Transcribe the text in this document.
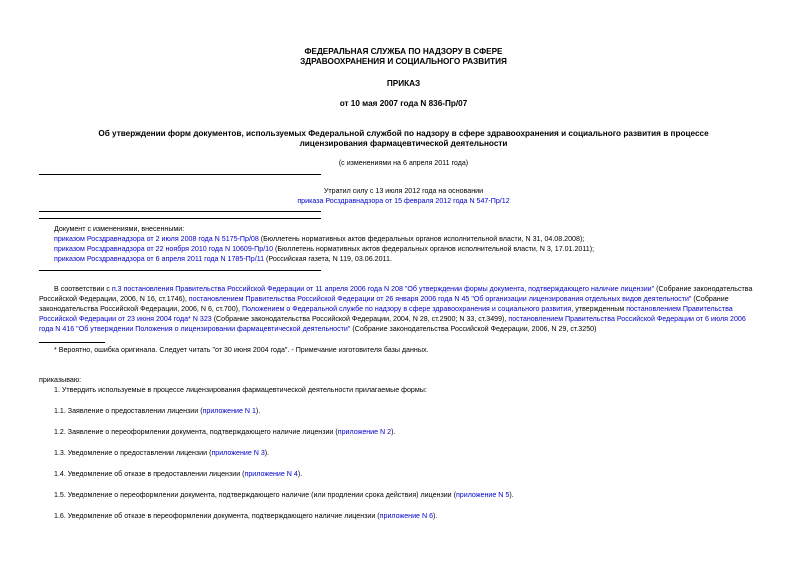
ФЕДЕРАЛЬНАЯ СЛУЖБА ПО НАДЗОРУ В СФЕРЕ
ЗДРАВООХРАНЕНИЯ И СОЦИАЛЬНОГО РАЗВИТИЯ
ПРИКАЗ
от 10 мая 2007 года N 836-Пр/07
Об утверждении форм документов, используемых Федеральной службой по надзору в сфере здравоохранения и социального развития в процессе
лицензирования фармацевтической деятельности
(с изменениями на 6 апреля 2011 года)
Утратил силу с 13 июля 2012 года на основании
приказа Росздравнадзора от 15 февраля 2012 года N 547-Пр/12
Документ с изменениями, внесенными:
приказом Росздравнадзора от 2 июля 2008 года N 5175-Пр/08 (Бюллетень нормативных актов федеральных органов исполнительной власти, N 31, 04.08.2008);
приказом Росздравнадзора от 22 ноября 2010 года N 10609-Пр/10 (Бюллетень нормативных актов федеральных органов исполнительной власти, N 3, 17.01.2011);
приказом Росздравнадзора от 6 апреля 2011 года N 1785-Пр/11 (Российская газета, N 119, 03.06.2011.
В соответствии с п.3 постановления Правительства Российской Федерации от 11 апреля 2006 года N 208 "Об утверждении формы документа, подтверждающего наличие лицензии" (Собрание законодательства
Российской Федерации, 2006, N 16, ст.1746), постановлением Правительства Российской Федерации от 26 января 2006 года N 45 "Об организации лицензирования отдельных видов деятельности" (Собрание
законодательства Российской Федерации, 2006, N 6, ст.700), Положением о Федеральной службе по надзору в сфере здравоохранения и социального развития, утвержденным постановлением Правительства
Российской Федерации от 23 июня 2004 года* N 323 (Собрание законодательства Российской Федерации, 2004, N 28, ст.2900; N 33, ст.3499), постановлением Правительства Российской Федерации от 6 июля 2006
года N 416 "Об утверждении Положения о лицензировании фармацевтической деятельности" (Собрание законодательства Российской Федерации, 2006, N 29, ст.3250)
* Вероятно, ошибка оригинала. Следует читать "от 30 июня 2004 года". - Примечание изготовителя базы данных.
приказываю:
1. Утвердить используемые в процессе лицензирования фармацевтической деятельности прилагаемые формы:
1.1. Заявление о предоставлении лицензии (приложение N 1).
1.2. Заявление о переоформлении документа, подтверждающего наличие лицензии (приложение N 2).
1.3. Уведомление о предоставлении лицензии (приложение N 3).
1.4. Уведомление об отказе в предоставлении лицензии (приложение N 4).
1.5. Уведомление о переоформлении документа, подтверждающего наличие (или продлении срока действия) лицензии (приложение N 5).
1.6. Уведомление об отказе в переоформлении документа, подтверждающего наличие лицензии (приложение N 6).
